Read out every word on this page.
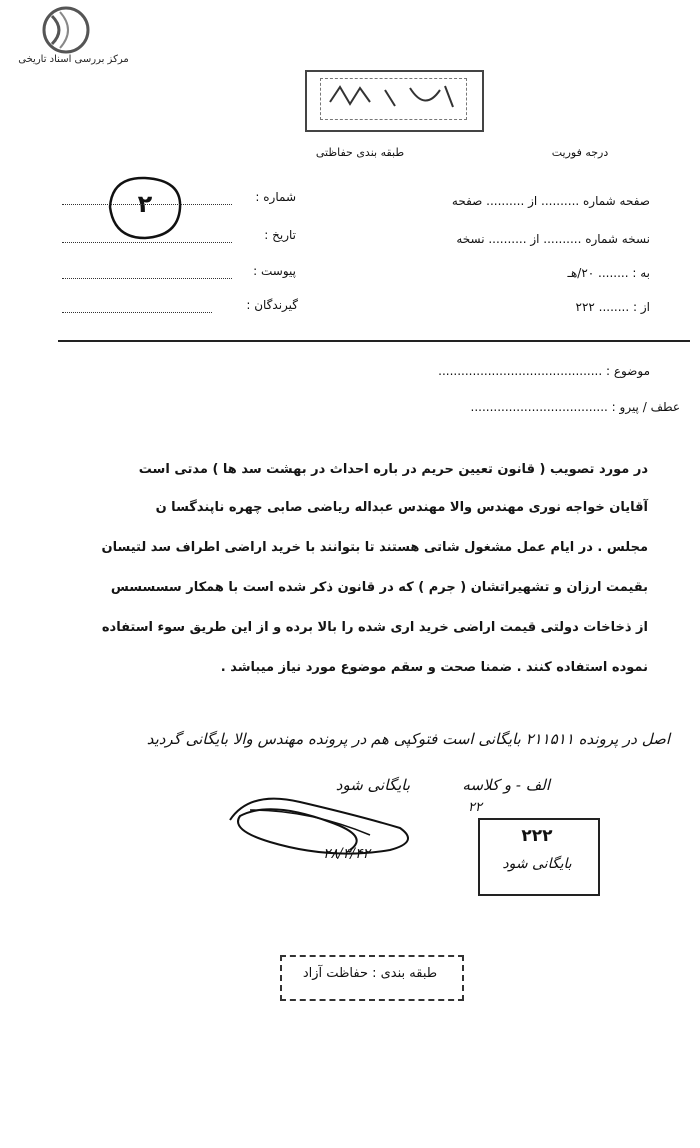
مرکز بررسی اسناد تاریخی
طبقه بندی حفاظتی	درجه فوریت
۲	شماره :
تاریخ :
پیوست :
گیرندگان :
صفحه شماره .......... از .......... صفحه
نسخه شماره .......... از .......... نسخه
به : ........ ۲۰/هـ
از : ........ ۲۲۲
موضوع : ...........................................
عطف / پیرو : ....................................
در مورد تصویب ( قانون تعیین حریم در باره احداث در بهشت سد ها ) مدتی است
آقایان خواجه نوری مهندس والا مهندس عبداله ریاضی صابی چهره ناپندگسا ن
مجلس . در ایام عمل مشغول شاتی هستند تا بتوانند با خرید اراضی اطراف سد لتیسان
بقیمت ارزان و تشهیراتشان ( جرم ) که در قانون ذکر شده است با همکار سسسسس
از ذخاخات دولتی قیمت اراضی خرید اری شده را بالا برده و از این طریق سوء استفاده
نموده استفاده کنند . ضمنا صحت و سقم موضوع مورد نیاز میباشد .
اصل در پرونده ۲۱۱۵۱۱ بایگانی است فتوکپی هم در پرونده مهندس والا بایگانی گردید
بایگانی شود	الف - و کلاسه
۲۲
۲۸/۳/۴۲
۲۲۲
بایگانی شود
طبقه بندی : حفاظت آزاد
